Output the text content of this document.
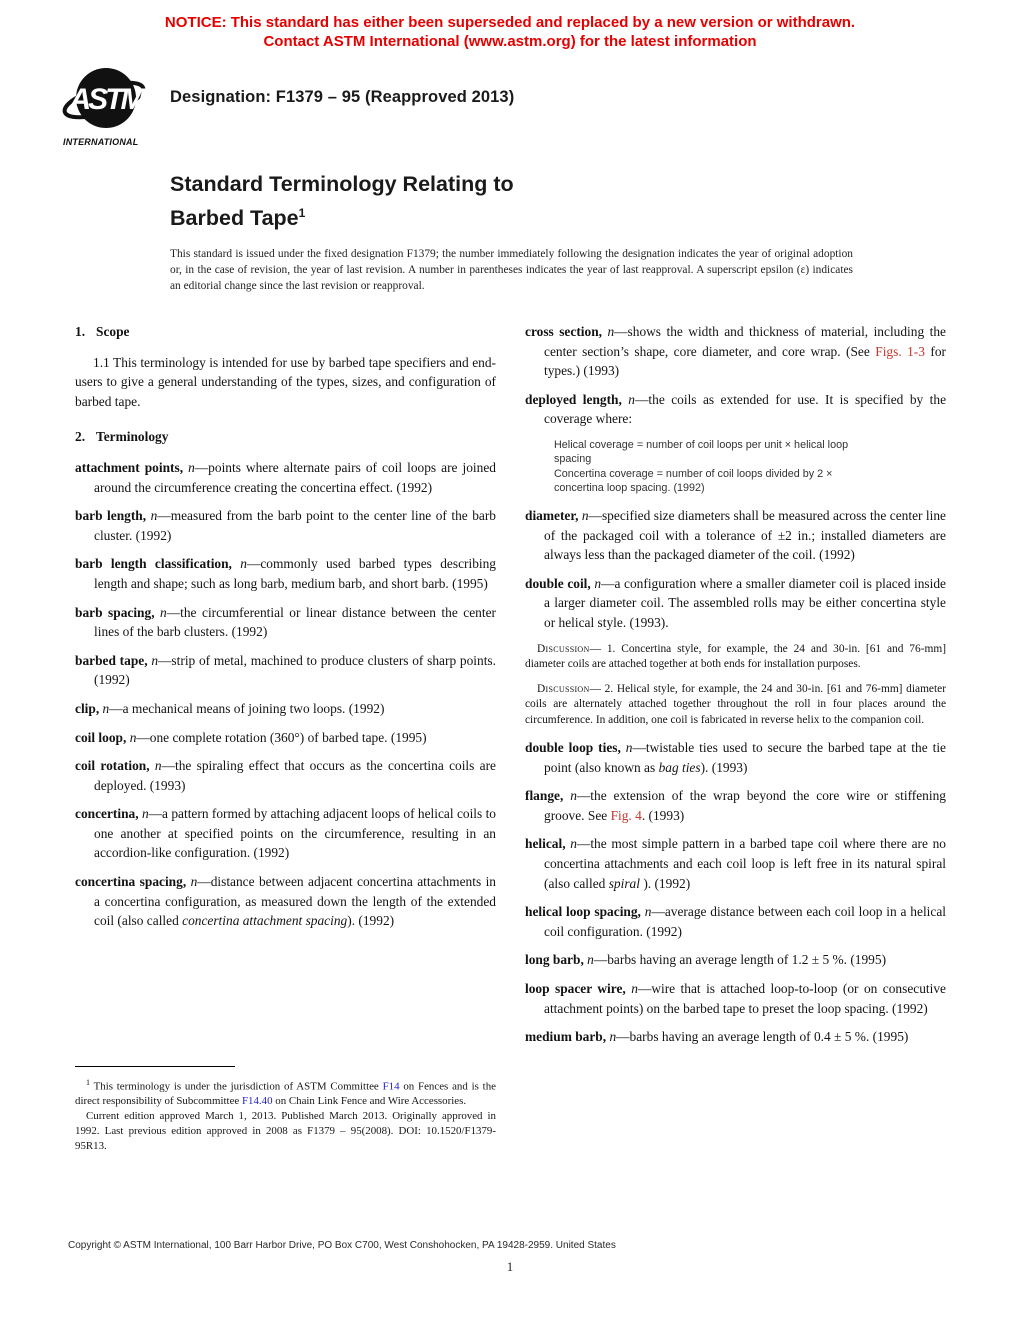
NOTICE: This standard has either been superseded and replaced by a new version or withdrawn.
Contact ASTM International (www.astm.org) for the latest information
ASTM
INTERNATIONAL
Designation: F1379 – 95 (Reapproved 2013)
Standard Terminology Relating to
Barbed Tape$^1$

This standard is issued under the fixed designation F1379; the number immediately following the designation indicates the year of original adoption or, in the case of revision, the year of last revision. A number in parentheses indicates the year of last reapproval. A superscript epsilon (ε) indicates an editorial change since the last revision or reapproval.

1. Scope

1.1 This terminology is intended for use by barbed tape specifiers and end-users to give a general understanding of the types, sizes, and configuration of barbed tape.

2. Terminology

attachment points, n—points where alternate pairs of coil loops are joined around the circumference creating the concertina effect. (1992)

barb length, n—measured from the barb point to the center line of the barb cluster. (1992)

barb length classification, n—commonly used barbed types describing length and shape; such as long barb, medium barb, and short barb. (1995)

barb spacing, n—the circumferential or linear distance between the center lines of the barb clusters. (1992)

barbed tape, n—strip of metal, machined to produce clusters of sharp points. (1992)

clip, n—a mechanical means of joining two loops. (1992)

coil loop, n—one complete rotation (360°) of barbed tape. (1995)

coil rotation, n—the spiraling effect that occurs as the concertina coils are deployed. (1993)

concertina, n—a pattern formed by attaching adjacent loops of helical coils to one another at specified points on the circumference, resulting in an accordion-like configuration. (1992)

concertina spacing, n—distance between adjacent concertina attachments in a concertina configuration, as measured down the length of the extended coil (also called concertina attachment spacing). (1992)

cross section, n—shows the width and thickness of material, including the center section’s shape, core diameter, and core wrap. (See Figs. 1-3 for types.) (1993)

deployed length, n—the coils as extended for use. It is specified by the coverage where:

Helical coverage = number of coil loops per unit × helical loop spacing
Concertina coverage = number of coil loops divided by 2 × concertina loop spacing. (1992)

diameter, n—specified size diameters shall be measured across the center line of the packaged coil with a tolerance of ±2 in.; installed diameters are always less than the packaged diameter of the coil. (1992)

double coil, n—a configuration where a smaller diameter coil is placed inside a larger diameter coil. The assembled rolls may be either concertina style or helical style. (1993).

Discussion— 1. Concertina style, for example, the 24 and 30-in. [61 and 76-mm] diameter coils are attached together at both ends for installation purposes.

Discussion— 2. Helical style, for example, the 24 and 30-in. [61 and 76-mm] diameter coils are alternately attached together throughout the roll in four places around the circumference. In addition, one coil is fabricated in reverse helix to the companion coil.

double loop ties, n—twistable ties used to secure the barbed tape at the tie point (also known as bag ties). (1993)

flange, n—the extension of the wrap beyond the core wire or stiffening groove. See Fig. 4. (1993)

helical, n—the most simple pattern in a barbed tape coil where there are no concertina attachments and each coil loop is left free in its natural spiral (also called spiral ). (1992)

helical loop spacing, n—average distance between each coil loop in a helical coil configuration. (1992)

long barb, n—barbs having an average length of 1.2 ± 5 %. (1995)

loop spacer wire, n—wire that is attached loop-to-loop (or on consecutive attachment points) on the barbed tape to preset the loop spacing. (1992)

medium barb, n—barbs having an average length of 0.4 ± 5 %. (1995)

$^1$ This terminology is under the jurisdiction of ASTM Committee F14 on Fences and is the direct responsibility of Subcommittee F14.40 on Chain Link Fence and Wire Accessories.

Current edition approved March 1, 2013. Published March 2013. Originally approved in 1992. Last previous edition approved in 2008 as F1379 – 95(2008). DOI: 10.1520/F1379-95R13.

Copyright © ASTM International, 100 Barr Harbor Drive, PO Box C700, West Conshohocken, PA 19428-2959. United States
1
